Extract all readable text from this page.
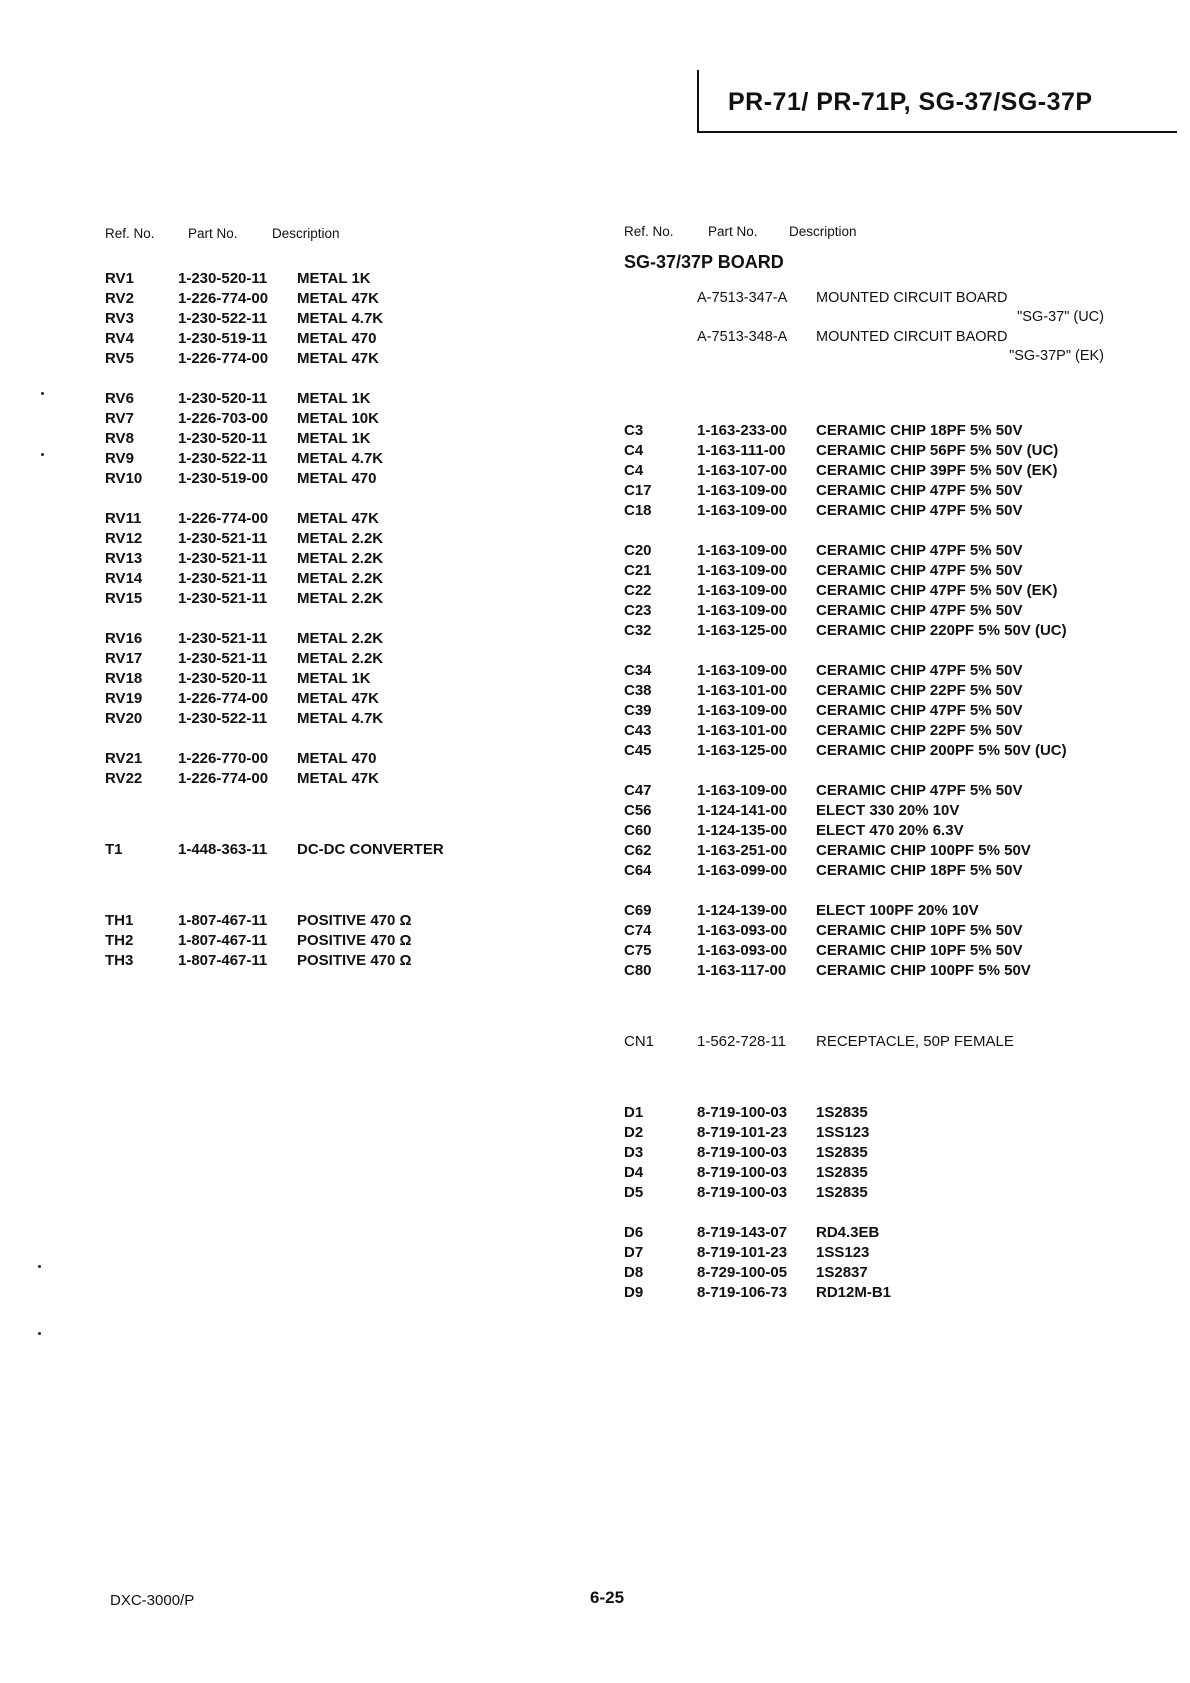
PR-71/ PR-71P, SG-37/SG-37P
Ref. No. Part No.	Description
RV1	1-230-520-11 METAL 1K
RV2	1-226-774-00 METAL 47K
RV3	1-230-522-11 METAL 4.7K
RV4	1-230-519-11 METAL 470
RV5	1-226-774-00 METAL 47K
RV6	1-230-520-11 METAL 1K
RV7	1-226-703-00 METAL 10K
RV8	1-230-520-11 METAL 1K
RV9	1-230-522-11 METAL 4.7K
RV10 1-230-519-00 METAL 470
RV11 1-226-774-00 METAL 47K
RV12 1-230-521-11 METAL 2.2K
RV13 1-230-521-11 METAL 2.2K
RV14 1-230-521-11 METAL 2.2K
RV15 1-230-521-11 METAL 2.2K
RV16 1-230-521-11 METAL 2.2K
RV17 1-230-521-11 METAL 2.2K
RV18 1-230-520-11 METAL 1K
RV19 1-226-774-00 METAL 47K
RV20 1-230-522-11 METAL 4.7K
RV21 1-226-770-00 METAL 470
RV22 1-226-774-00 METAL 47K
T1	1-448-363-11 DC-DC CONVERTER
TH1	1-807-467-11 POSITIVE 470 Ω
TH2	1-807-467-11 POSITIVE 470 Ω
TH3	1-807-467-11 POSITIVE 470 Ω
Ref. No.	Part No. Description
SG-37/37P BOARD
A-7513-347-A MOUNTED CIRCUIT BOARD
"SG-37" (UC)
A-7513-348-A MOUNTED CIRCUIT BAORD
"SG-37P" (EK)
C3	1-163-233-00 CERAMIC CHIP 18PF 5% 50V
C4	1-163-111-00 CERAMIC CHIP 56PF 5% 50V (UC)
C4	1-163-107-00 CERAMIC CHIP 39PF 5% 50V (EK)
C17	1-163-109-00 CERAMIC CHIP 47PF 5% 50V
C18	1-163-109-00 CERAMIC CHIP 47PF 5% 50V
C20	1-163-109-00 CERAMIC CHIP 47PF 5% 50V
C21	1-163-109-00 CERAMIC CHIP 47PF 5% 50V
C22	1-163-109-00 CERAMIC CHIP 47PF 5% 50V (EK)
C23	1-163-109-00 CERAMIC CHIP 47PF 5% 50V
C32	1-163-125-00 CERAMIC CHIP 220PF 5% 50V (UC)
C34	1-163-109-00 CERAMIC CHIP 47PF 5% 50V
C38	1-163-101-00 CERAMIC CHIP 22PF 5% 50V
C39	1-163-109-00 CERAMIC CHIP 47PF 5% 50V
C43	1-163-101-00 CERAMIC CHIP 22PF 5% 50V
C45	1-163-125-00 CERAMIC CHIP 200PF 5% 50V (UC)
C47	1-163-109-00 CERAMIC CHIP 47PF 5% 50V
C56	1-124-141-00 ELECT 330 20% 10V
C60	1-124-135-00 ELECT 470 20% 6.3V
C62	1-163-251-00 CERAMIC CHIP 100PF 5% 50V
C64	1-163-099-00 CERAMIC CHIP 18PF 5% 50V
C69	1-124-139-00 ELECT 100PF 20% 10V
C74	1-163-093-00 CERAMIC CHIP 10PF 5% 50V
C75	1-163-093-00 CERAMIC CHIP 10PF 5% 50V
C80	1-163-117-00 CERAMIC CHIP 100PF 5% 50V
CN1	1-562-728-11 RECEPTACLE, 50P FEMALE
D1	8-719-100-03 1S2835
D2	8-719-101-23 1SS123
D3	8-719-100-03 1S2835
D4	8-719-100-03 1S2835
D5	8-719-100-03 1S2835
D6	8-719-143-07 RD4.3EB
D7	8-719-101-23 1SS123
D8	8-729-100-05 1S2837
D9	8-719-106-73 RD12M-B1
DXC-3000/P	6-25
